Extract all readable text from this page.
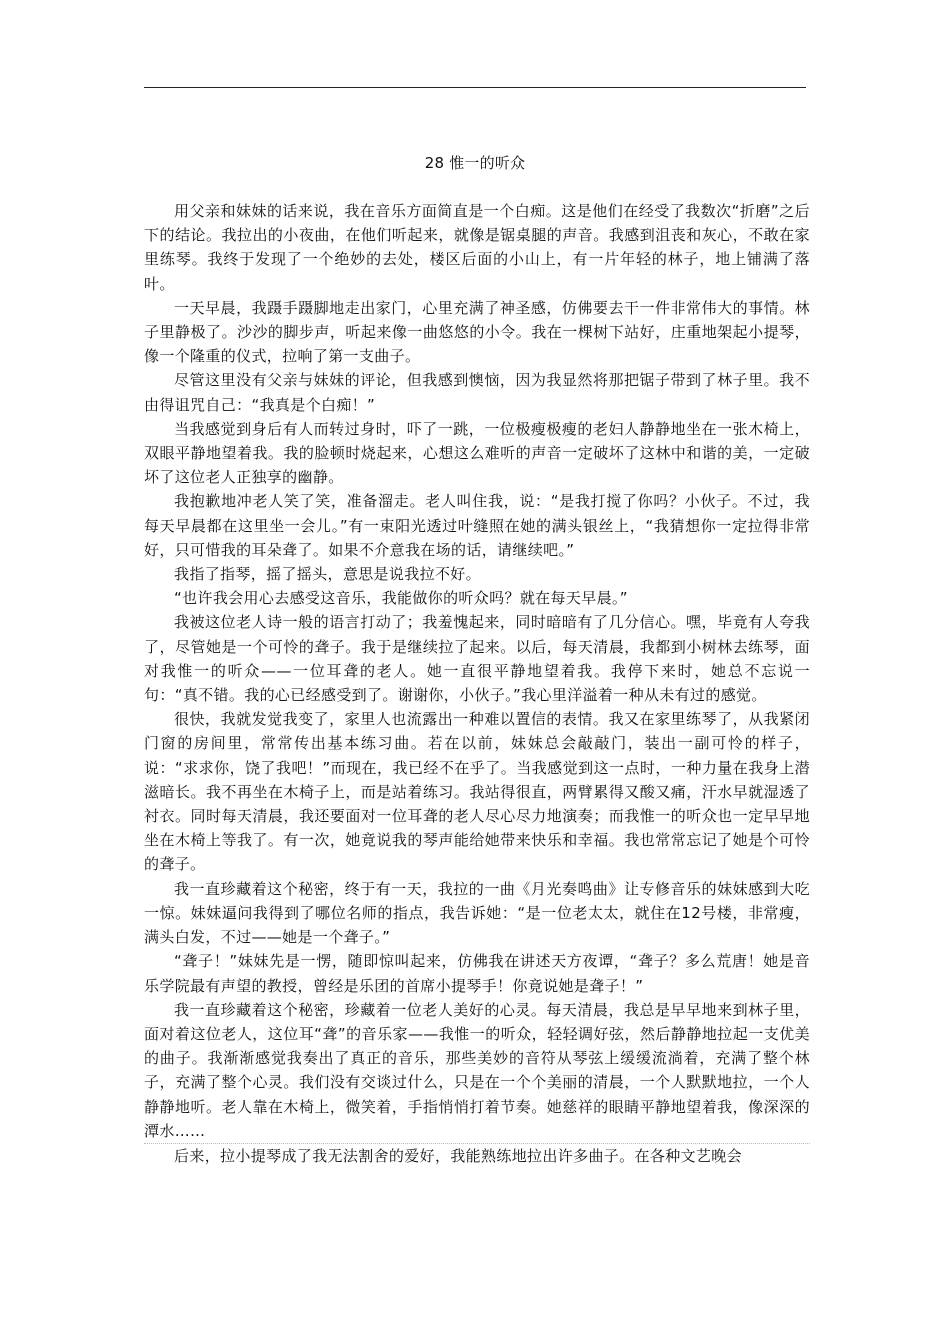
28 惟一的听众

用父亲和妹妹的话来说，我在音乐方面简直是一个白痴。这是他们在经受了我数次“折磨”之后下的结论。我拉出的小夜曲，在他们听起来，就像是锯桌腿的声音。我感到沮丧和灰心，不敢在家里练琴。我终于发现了一个绝妙的去处，楼区后面的小山上，有一片年轻的林子，地上铺满了落叶。

一天早晨，我蹑手蹑脚地走出家门，心里充满了神圣感，仿佛要去干一件非常伟大的事情。林子里静极了。沙沙的脚步声，听起来像一曲悠悠的小令。我在一棵树下站好，庄重地架起小提琴，像一个隆重的仪式，拉响了第一支曲子。

尽管这里没有父亲与妹妹的评论，但我感到懊恼，因为我显然将那把锯子带到了林子里。我不由得诅咒自己：“我真是个白痴！”

当我感觉到身后有人而转过身时，吓了一跳，一位极瘦极瘦的老妇人静静地坐在一张木椅上，双眼平静地望着我。我的脸顿时烧起来，心想这么难听的声音一定破坏了这林中和谐的美，一定破坏了这位老人正独享的幽静。

我抱歉地冲老人笑了笑，准备溜走。老人叫住我，说：“是我打搅了你吗？小伙子。不过，我每天早晨都在这里坐一会儿。”有一束阳光透过叶缝照在她的满头银丝上，“我猜想你一定拉得非常好，只可惜我的耳朵聋了。如果不介意我在场的话，请继续吧。”

我指了指琴，摇了摇头，意思是说我拉不好。

“也许我会用心去感受这音乐，我能做你的听众吗？就在每天早晨。”

我被这位老人诗一般的语言打动了；我羞愧起来，同时暗暗有了几分信心。嘿，毕竟有人夸我了，尽管她是一个可怜的聋子。我于是继续拉了起来。以后，每天清晨，我都到小树林去练琴，面对我惟一的听众——一位耳聋的老人。她一直很平静地望着我。我停下来时，她总不忘说一句：“真不错。我的心已经感受到了。谢谢你，小伙子。”我心里洋溢着一种从未有过的感觉。

很快，我就发觉我变了，家里人也流露出一种难以置信的表情。我又在家里练琴了，从我紧闭门窗的房间里，常常传出基本练习曲。若在以前，妹妹总会敲敲门，装出一副可怜的样子，说：“求求你，饶了我吧！”而现在，我已经不在乎了。当我感觉到这一点时，一种力量在我身上潜滋暗长。我不再坐在木椅子上，而是站着练习。我站得很直，两臂累得又酸又痛，汗水早就湿透了衬衣。同时每天清晨，我还要面对一位耳聋的老人尽心尽力地演奏；而我惟一的听众也一定早早地坐在木椅上等我了。有一次，她竟说我的琴声能给她带来快乐和幸福。我也常常忘记了她是个可怜的聋子。

我一直珍藏着这个秘密，终于有一天，我拉的一曲《月光奏鸣曲》让专修音乐的妹妹感到大吃一惊。妹妹逼问我得到了哪位名师的指点，我告诉她：“是一位老太太，就住在12号楼，非常瘦，满头白发，不过——她是一个聋子。”

“聋子！”妹妹先是一愣，随即惊叫起来，仿佛我在讲述天方夜谭，“聋子？多么荒唐！她是音乐学院最有声望的教授，曾经是乐团的首席小提琴手！你竟说她是聋子！”

我一直珍藏着这个秘密，珍藏着一位老人美好的心灵。每天清晨，我总是早早地来到林子里，面对着这位老人，这位耳“聋”的音乐家——我惟一的听众，轻轻调好弦，然后静静地拉起一支优美的曲子。我渐渐感觉我奏出了真正的音乐，那些美妙的音符从琴弦上缓缓流淌着，充满了整个林子，充满了整个心灵。我们没有交谈过什么，只是在一个个美丽的清晨，一个人默默地拉，一个人静静地听。老人靠在木椅上，微笑着，手指悄悄打着节奏。她慈祥的眼睛平静地望着我，像深深的潭水……

后来，拉小提琴成了我无法割舍的爱好，我能熟练地拉出许多曲子。在各种文艺晚会
